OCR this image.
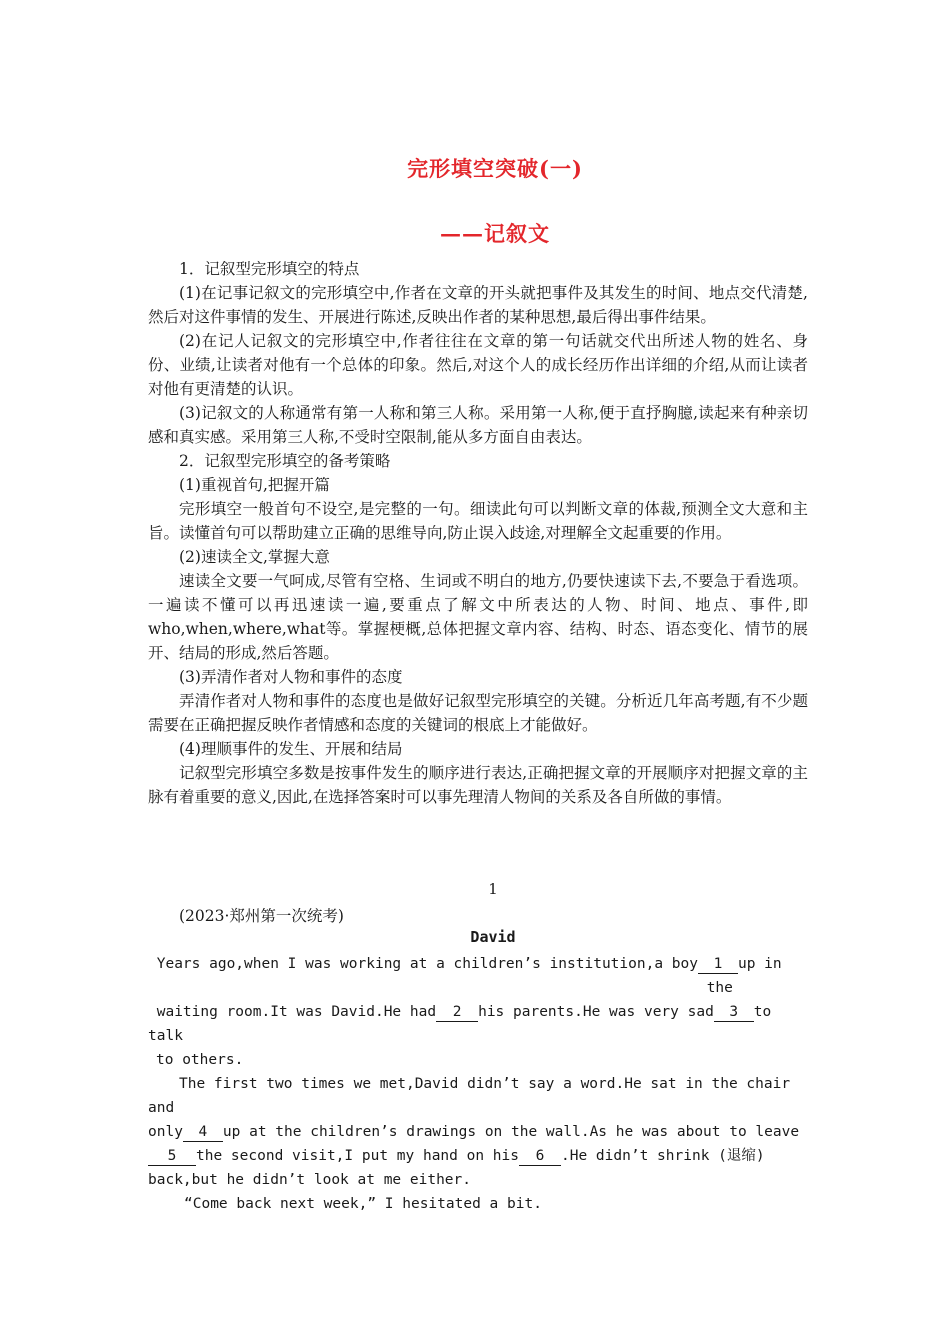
完形填空突破(一)
——记叙文

1．记叙型完形填空的特点

(1)在记事记叙文的完形填空中,作者在文章的开头就把事件及其发生的时间、地点交代清楚,然后对这件事情的发生、开展进行陈述,反映出作者的某种思想,最后得出事件结果。

(2)在记人记叙文的完形填空中,作者往往在文章的第一句话就交代出所述人物的姓名、身份、业绩,让读者对他有一个总体的印象。然后,对这个人的成长经历作出详细的介绍,从而让读者对他有更清楚的认识。

(3)记叙文的人称通常有第一人称和第三人称。采用第一人称,便于直抒胸臆,读起来有种亲切感和真实感。采用第三人称,不受时空限制,能从多方面自由表达。

2．记叙型完形填空的备考策略

(1)重视首句,把握开篇

完形填空一般首句不设空,是完整的一句。细读此句可以判断文章的体裁,预测全文大意和主旨。读懂首句可以帮助建立正确的思维导向,防止误入歧途,对理解全文起重要的作用。

(2)速读全文,掌握大意

速读全文要一气呵成,尽管有空格、生词或不明白的地方,仍要快速读下去,不要急于看选项。一遍读不懂可以再迅速读一遍,要重点了解文中所表达的人物、时间、地点、事件,即who,when,where,what等。掌握梗概,总体把握文章内容、结构、时态、语态变化、情节的展开、结局的形成,然后答题。

(3)弄清作者对人物和事件的态度

弄清作者对人物和事件的态度也是做好记叙型完形填空的关键。分析近几年高考题,有不少题需要在正确把握反映作者情感和态度的关键词的根底上才能做好。

(4)理顺事件的发生、开展和结局

记叙型完形填空多数是按事件发生的顺序进行表达,正确把握文章的开展顺序对把握文章的主脉有着重要的意义,因此,在选择答案时可以事先理清人物间的关系及各自所做的事情。

1

(2023·郑州第一次统考)

David

Years ago,when I was working at a children’s institution,a boy 1 up in

the

waiting room.It was David.He had 2 his parents.He was very sad 3 to

talk

to others.

The first two times we met,David didn’t say a word.He sat in the chair

and

only 4 up at the children’s drawings on the wall.As he was about to leave

5 the second visit,I put my hand on his 6 .He didn’t shrink (退缩)

back,but he didn’t look at me either.

“Come back next week,” I hesitated a bit.
